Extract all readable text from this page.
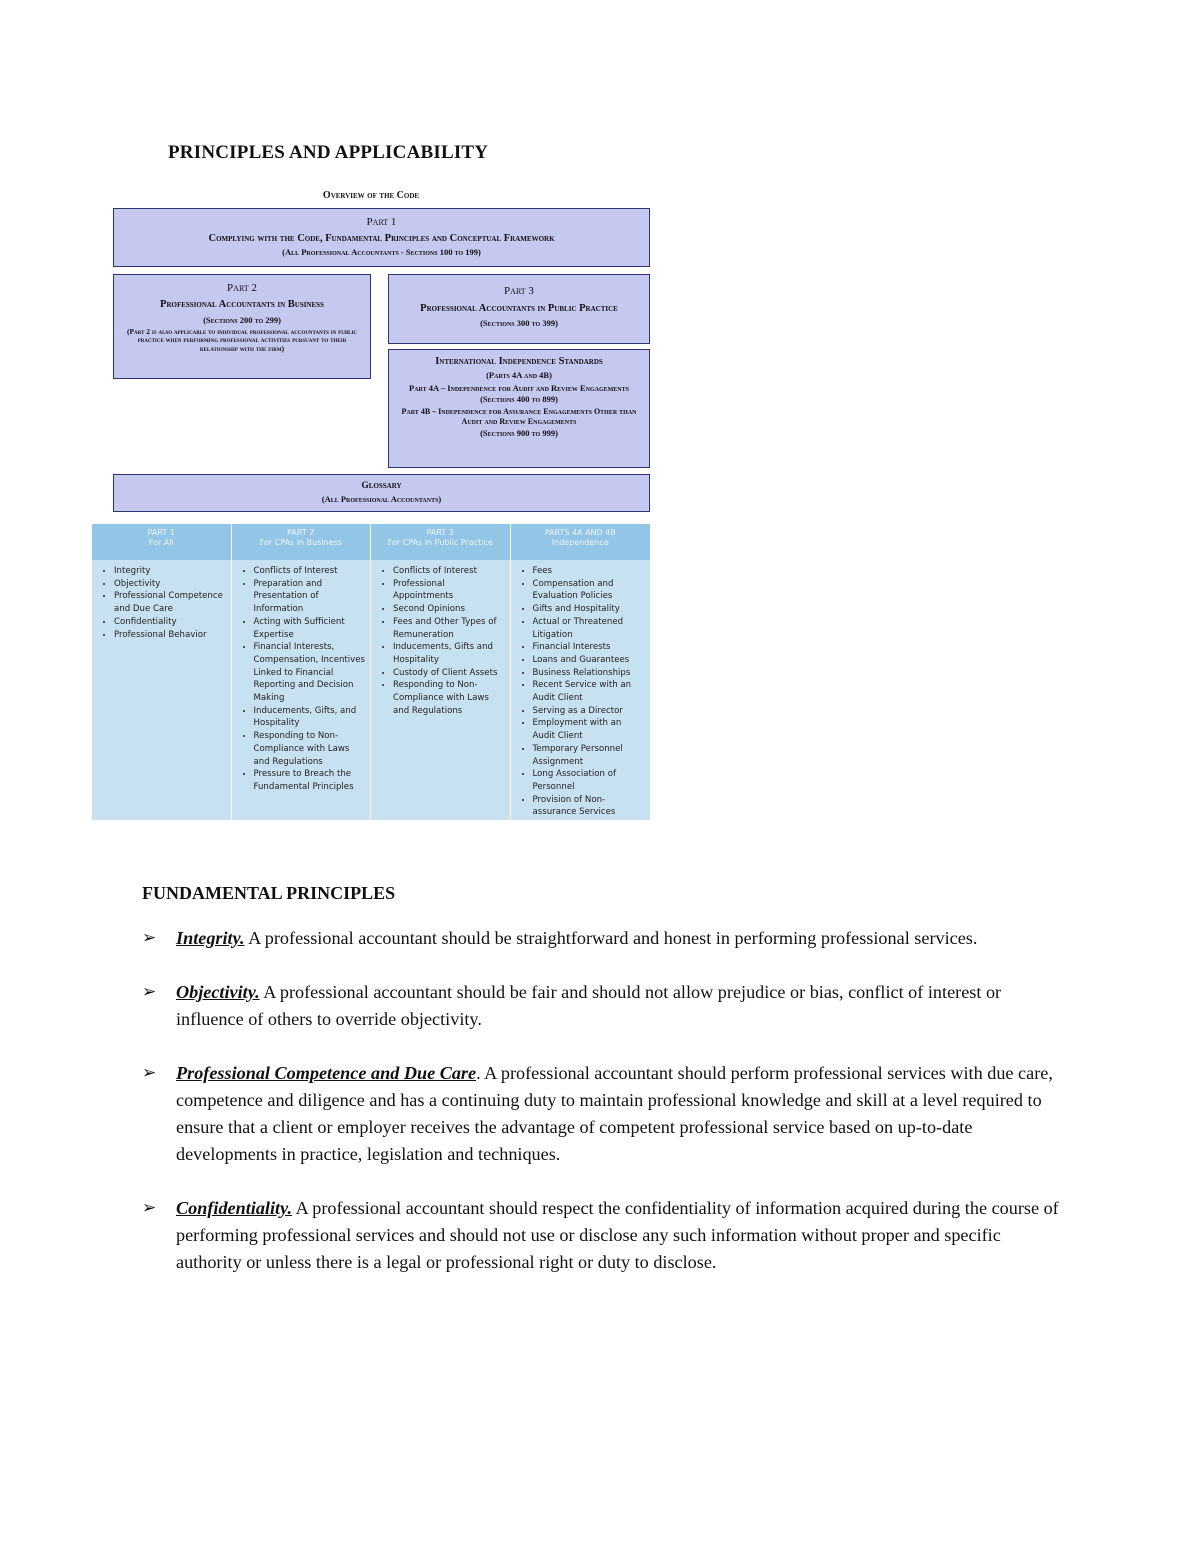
PRINCIPLES AND APPLICABILITY
Overview of the Code
Part 1
Complying with the Code, Fundamental Principles and Conceptual Framework
(All Professional Accountants - Sections 100 to 199)
Part 2
Professional Accountants in Business
(Sections 200 to 299)
(Part 2 is also applicable to individual professional accountants in public practice when performing professional activities pursuant to their relationship with the firm)
Part 3
Professional Accountants in Public Practice
(Sections 300 to 399)
International Independence Standards
(Parts 4A and 4B)
Part 4A – Independence for Audit and Review Engagements
(Sections 400 to 899)
Part 4B – Independence for Assurance Engagements Other than Audit and Review Engagements
(Sections 900 to 999)
Glossary
(All Professional Accountants)
PART 1
For All
• Integrity
• Objectivity
• Professional Competence and Due Care
• Confidentiality
• Professional Behavior
PART 2
For CPAs in Business
• Conflicts of Interest
• Preparation and Presentation of Information
• Acting with Sufficient Expertise
• Financial Interests, Compensation, Incentives Linked to Financial Reporting and Decision Making
• Inducements, Gifts, and Hospitality
• Responding to Non-Compliance with Laws and Regulations
• Pressure to Breach the Fundamental Principles
PART 3
For CPAs in Public Practice
• Conflicts of Interest
• Professional Appointments
• Second Opinions
• Fees and Other Types of Remuneration
• Inducements, Gifts and Hospitality
• Custody of Client Assets
• Responding to Non-Compliance with Laws and Regulations
PARTS 4A AND 4B
Independence
• Fees
• Compensation and Evaluation Policies
• Gifts and Hospitality
• Actual or Threatened Litigation
• Financial Interests
• Loans and Guarantees
• Business Relationships
• Recent Service with an Audit Client
• Serving as a Director
• Employment with an Audit Client
• Temporary Personnel Assignment
• Long Association of Personnel
• Provision of Non-assurance Services
FUNDAMENTAL PRINCIPLES
➢ Integrity. A professional accountant should be straightforward and honest in performing professional services.
➢ Objectivity. A professional accountant should be fair and should not allow prejudice or bias, conflict of interest or influence of others to override objectivity.
➢ Professional Competence and Due Care. A professional accountant should perform professional services with due care, competence and diligence and has a continuing duty to maintain professional knowledge and skill at a level required to ensure that a client or employer receives the advantage of competent professional service based on up-to-date developments in practice, legislation and techniques.
➢ Confidentiality. A professional accountant should respect the confidentiality of information acquired during the course of performing professional services and should not use or disclose any such information without proper and specific authority or unless there is a legal or professional right or duty to disclose.
